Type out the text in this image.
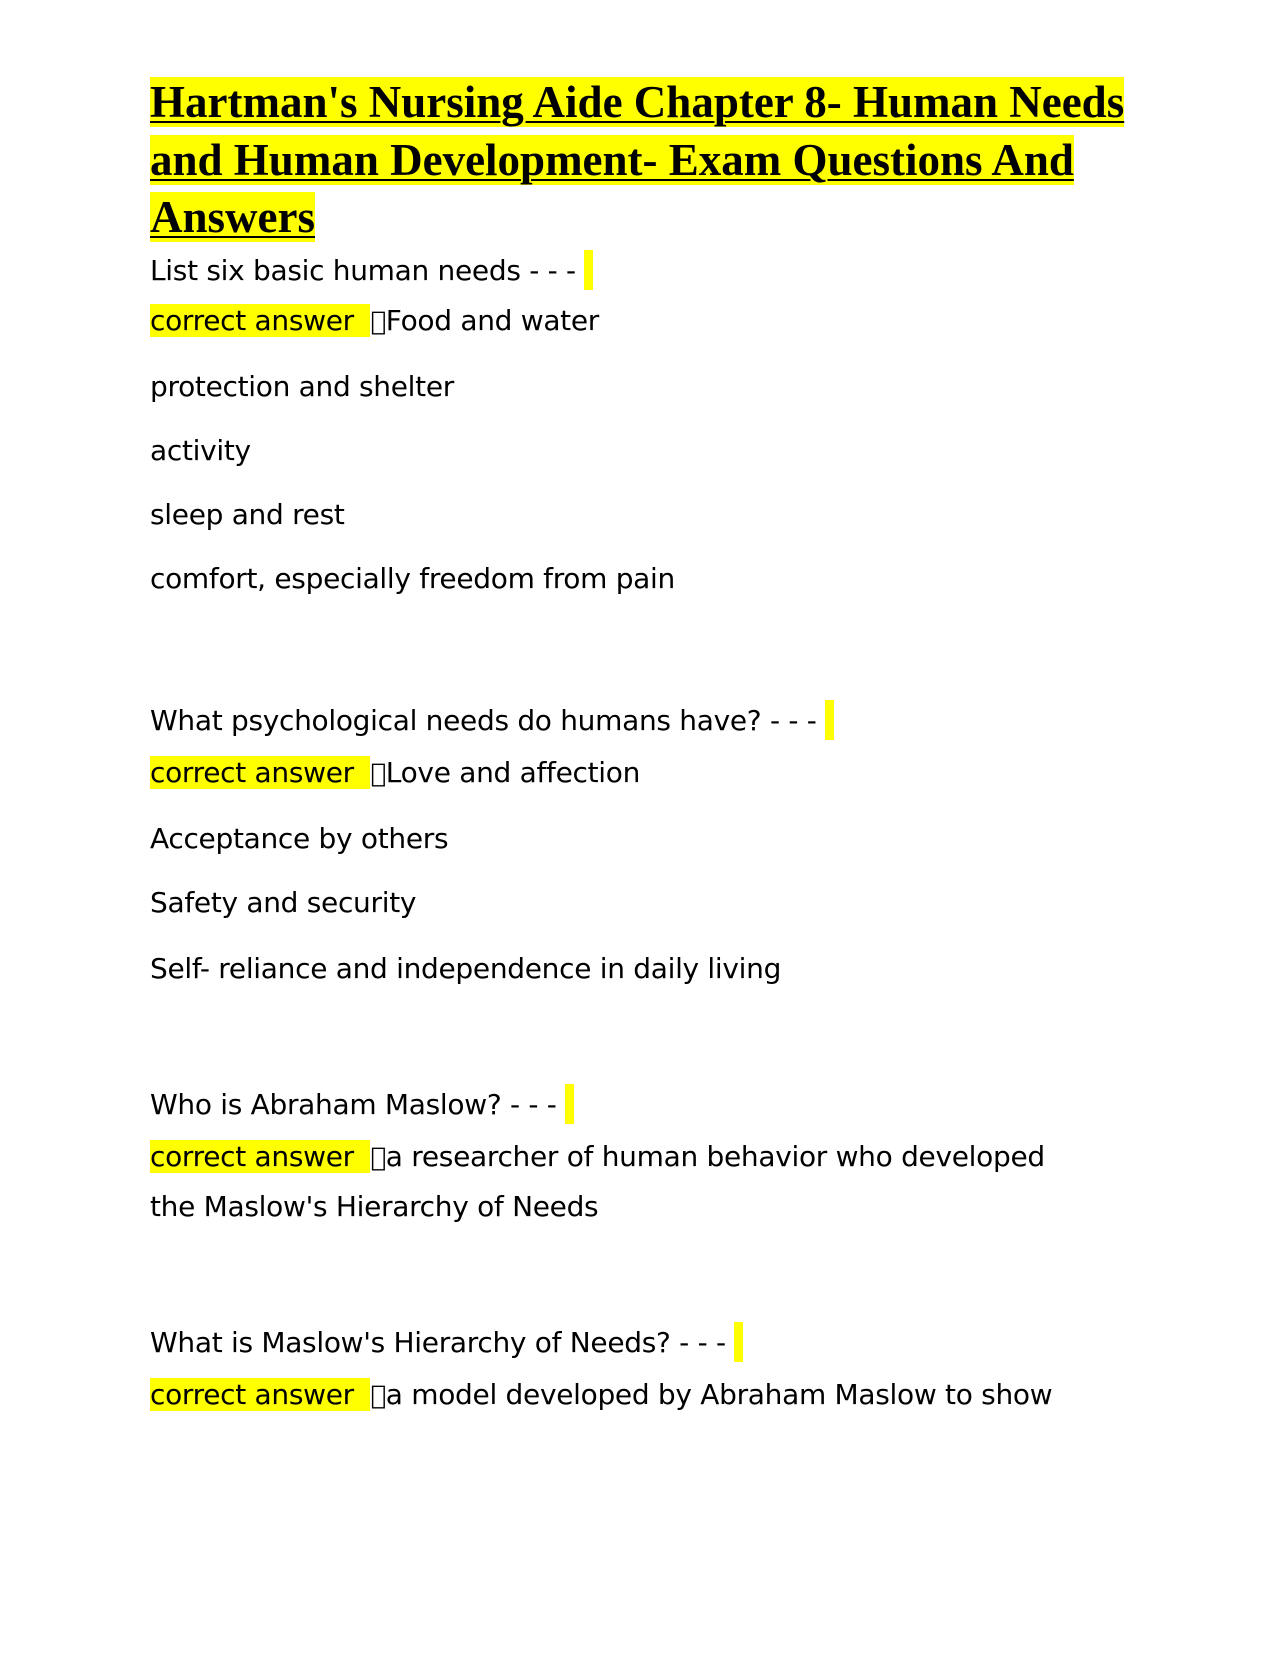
Hartman's Nursing Aide Chapter 8- Human Needs and Human Development- Exam Questions And Answers

List six basic human needs - - -

correct answer Food and water

protection and shelter

activity

sleep and rest

comfort, especially freedom from pain

What psychological needs do humans have? - - -

correct answer Love and affection

Acceptance by others

Safety and security

Self- reliance and independence in daily living

Who is Abraham Maslow? - - -

correct answer a researcher of human behavior who developed

the Maslow's Hierarchy of Needs

What is Maslow's Hierarchy of Needs? - - -

correct answer a model developed by Abraham Maslow to show
